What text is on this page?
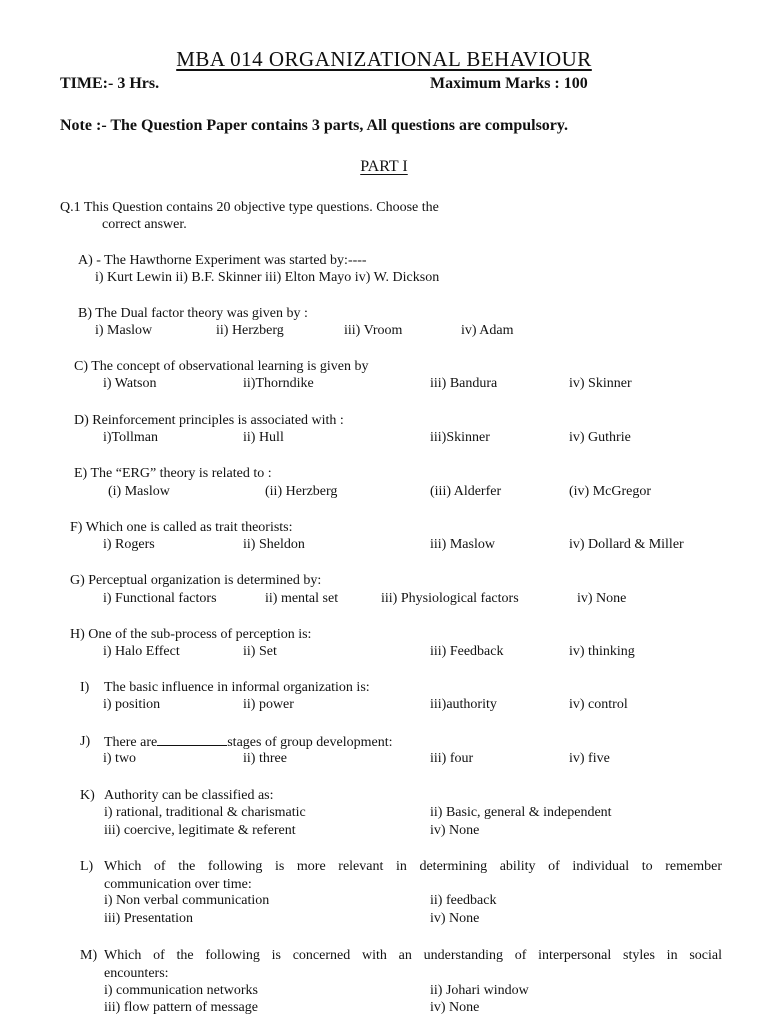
MBA 014 ORGANIZATIONAL BEHAVIOUR
TIME:- 3 Hrs.	Maximum Marks : 100
Note :- The Question Paper contains 3 parts, All questions are compulsory.
PART I
Q.1 This Question contains 20 objective type questions. Choose the
correct answer.
A) - The Hawthorne Experiment was started by:----
i) Kurt Lewin ii) B.F. Skinner iii) Elton Mayo iv) W. Dickson
B) The Dual factor theory was given by :
i) Maslow	ii) Herzberg	iii) Vroom	iv) Adam
C) The concept of observational learning is given by
i) Watson	ii)Thorndike	iii) Bandura	iv) Skinner
D) Reinforcement principles is associated with :
i)Tollman	ii) Hull	iii)Skinner	iv) Guthrie
E) The “ERG” theory is related to :
(i) Maslow	(ii) Herzberg	(iii) Alderfer	(iv) McGregor
F) Which one is called as trait theorists:
i) Rogers	ii) Sheldon	iii) Maslow	iv) Dollard & Miller
G) Perceptual organization is determined by:
i) Functional factors	ii) mental set	iii) Physiological factors	iv) None
H) One of the sub-process of perception is:
i) Halo Effect	ii) Set	iii) Feedback	iv) thinking
I) The basic influence in informal organization is:
i) position	ii) power	iii)authority	iv) control
J) There are	stages of group development:
i) two	ii) three	iii) four	iv) five
K) Authority can be classified as:
i) rational, traditional & charismatic	ii) Basic, general & independent
iii) coercive, legitimate & referent	iv) None
L) Which of the following is more relevant in determining ability of individual to remember
communication over time:
i) Non verbal communication	ii) feedback
iii) Presentation	iv) None
M) Which of the following is concerned with an understanding of interpersonal styles in social
encounters:
i) communication networks	ii) Johari window
iii) flow pattern of message	iv) None
